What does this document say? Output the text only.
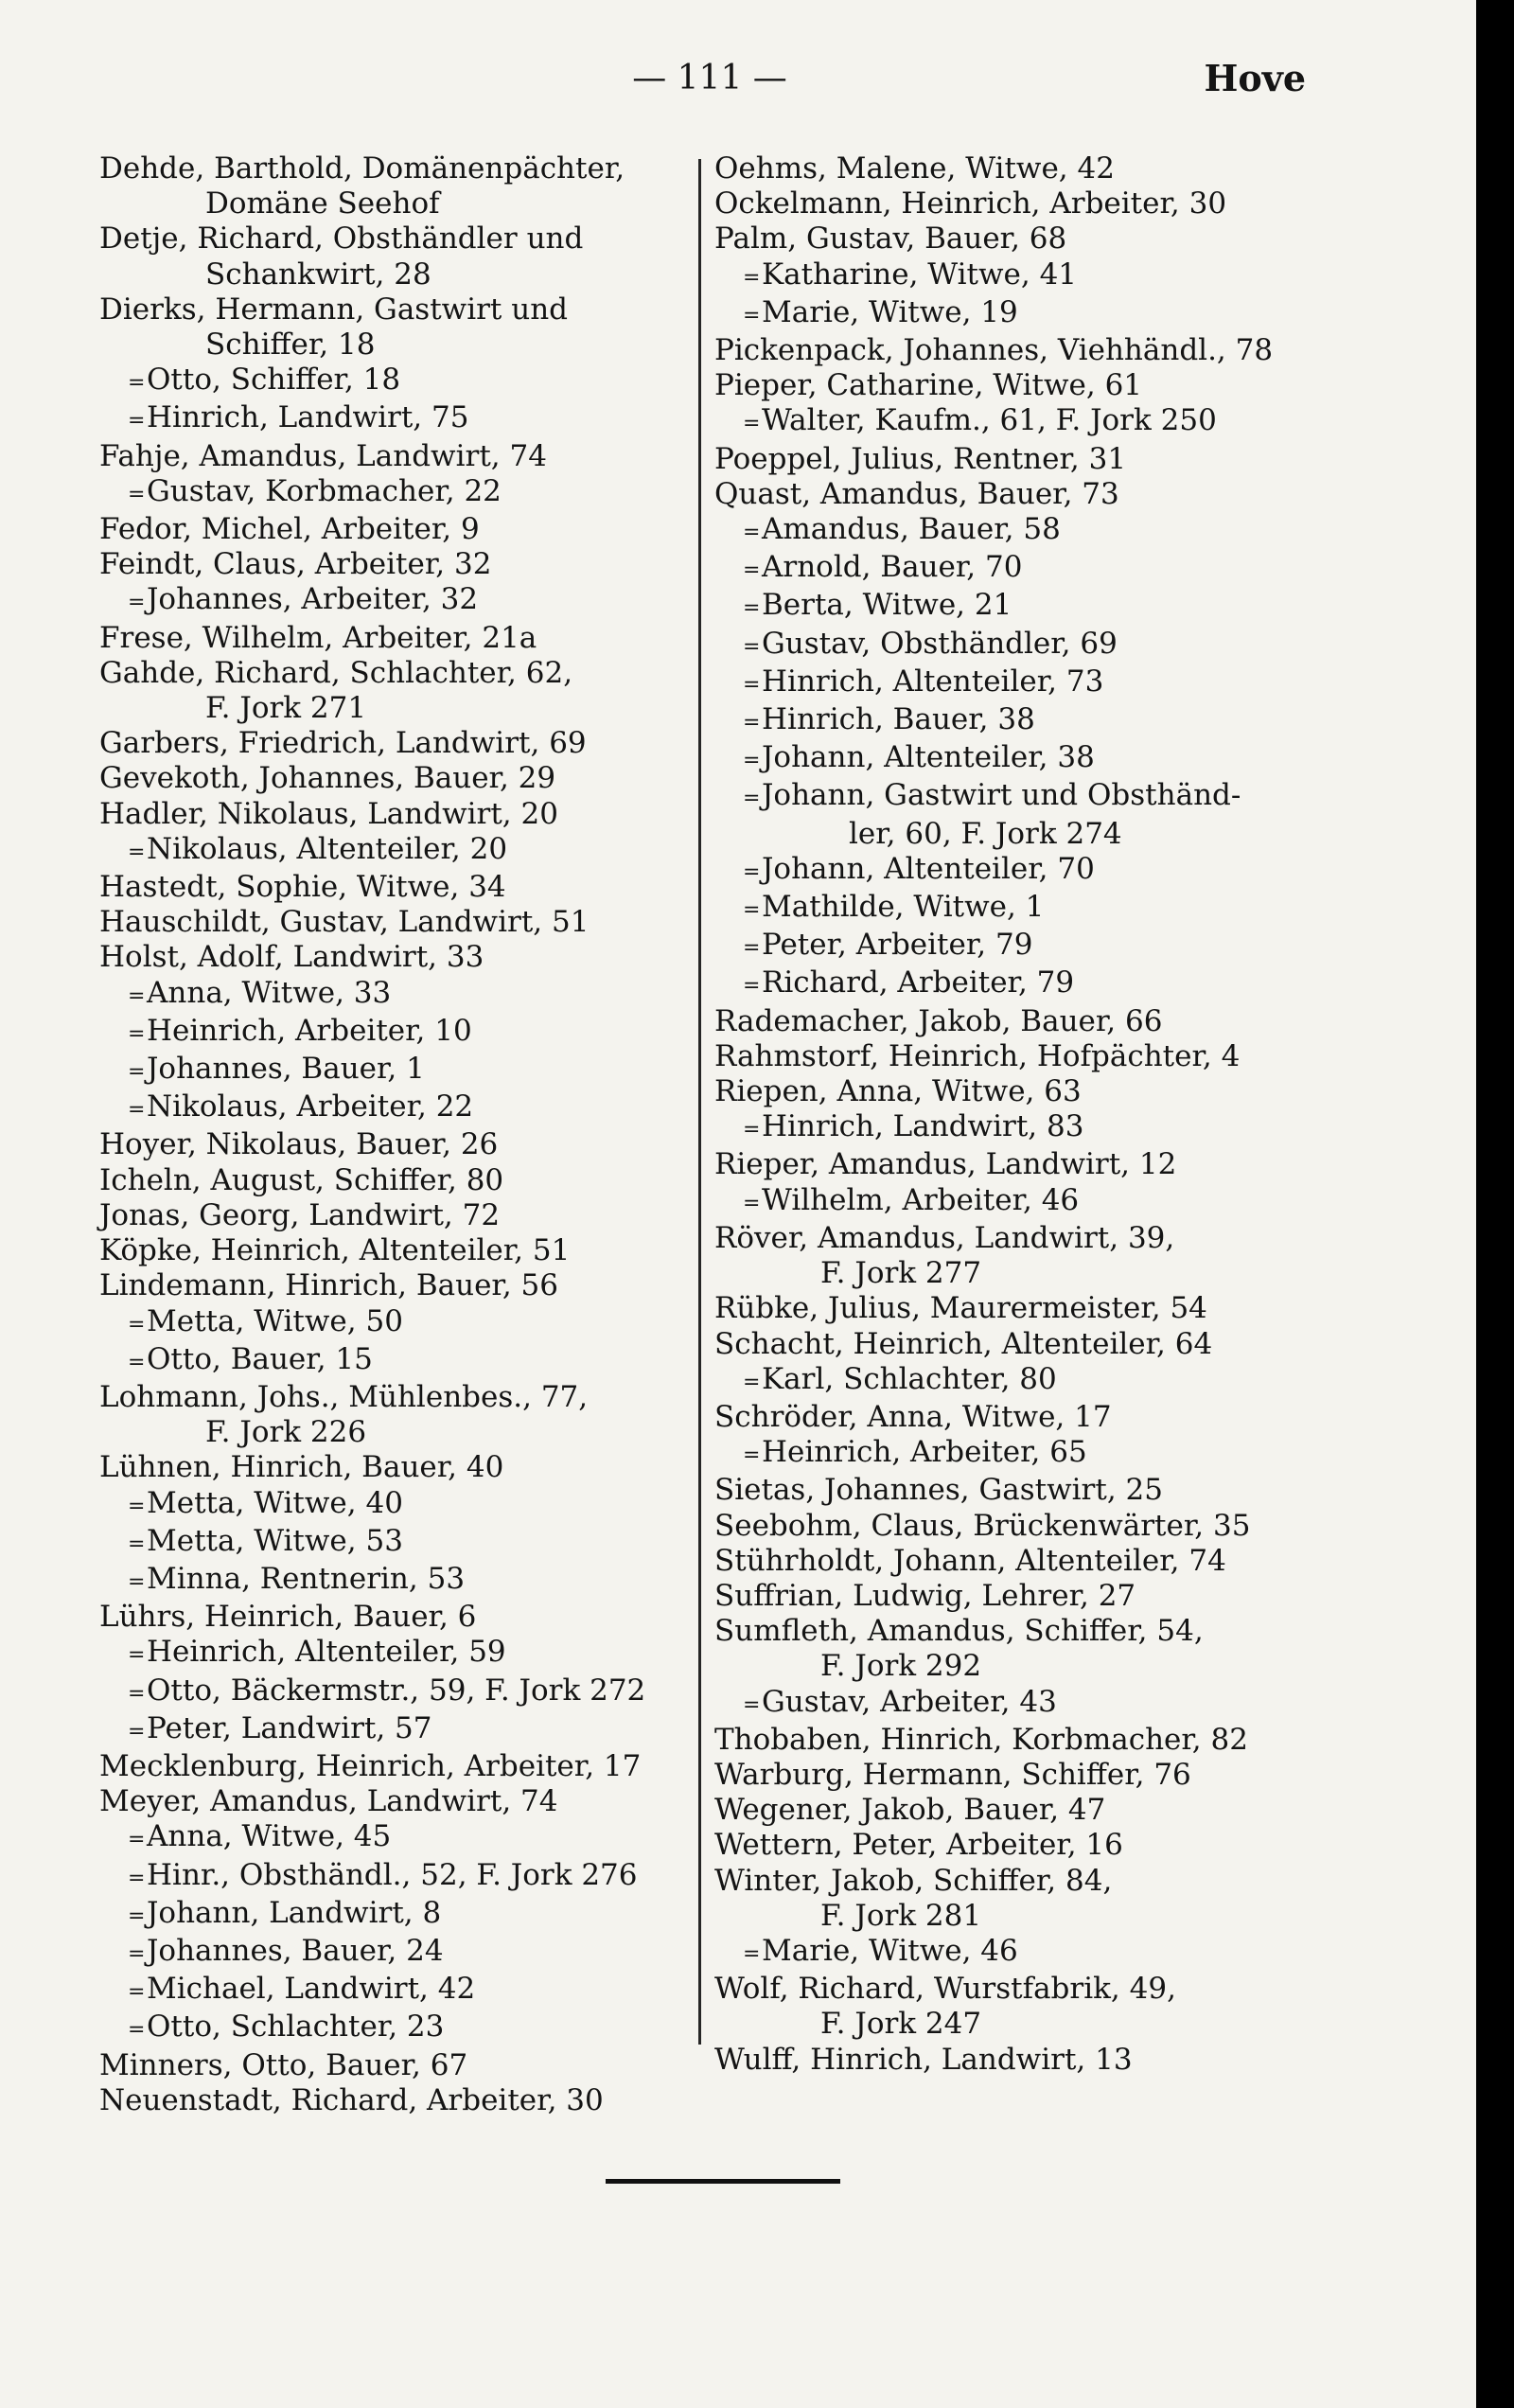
— 111 —	Hove
Dehde, Barthold, Domänenpächter,
Domäne Seehof
Detje, Richard, Obsthändler und
Schankwirt, 28
Dierks, Hermann, Gastwirt und
Schiffer, 18
=Otto, Schiffer, 18
=Hinrich, Landwirt, 75
Fahje, Amandus, Landwirt, 74
=Gustav, Korbmacher, 22
Fedor, Michel, Arbeiter, 9
Feindt, Claus, Arbeiter, 32
=Johannes, Arbeiter, 32
Frese, Wilhelm, Arbeiter, 21a
Gahde, Richard, Schlachter, 62,
F. Jork 271
Garbers, Friedrich, Landwirt, 69
Gevekoth, Johannes, Bauer, 29
Hadler, Nikolaus, Landwirt, 20
=Nikolaus, Altenteiler, 20
Hastedt, Sophie, Witwe, 34
Hauschildt, Gustav, Landwirt, 51
Holst, Adolf, Landwirt, 33
=Anna, Witwe, 33
=Heinrich, Arbeiter, 10
=Johannes, Bauer, 1
=Nikolaus, Arbeiter, 22
Hoyer, Nikolaus, Bauer, 26
Icheln, August, Schiffer, 80
Jonas, Georg, Landwirt, 72
Köpke, Heinrich, Altenteiler, 51
Lindemann, Hinrich, Bauer, 56
=Metta, Witwe, 50
=Otto, Bauer, 15
Lohmann, Johs., Mühlenbes., 77,
F. Jork 226
Lühnen, Hinrich, Bauer, 40
=Metta, Witwe, 40
=Metta, Witwe, 53
=Minna, Rentnerin, 53
Lührs, Heinrich, Bauer, 6
=Heinrich, Altenteiler, 59
=Otto, Bäckermstr., 59, F. Jork 272
=Peter, Landwirt, 57
Mecklenburg, Heinrich, Arbeiter, 17
Meyer, Amandus, Landwirt, 74
=Anna, Witwe, 45
=Hinr., Obsthändl., 52, F. Jork 276
=Johann, Landwirt, 8
=Johannes, Bauer, 24
=Michael, Landwirt, 42
=Otto, Schlachter, 23
Minners, Otto, Bauer, 67
Neuenstadt, Richard, Arbeiter, 30
Oehms, Malene, Witwe, 42
Ockelmann, Heinrich, Arbeiter, 30
Palm, Gustav, Bauer, 68
=Katharine, Witwe, 41
=Marie, Witwe, 19
Pickenpack, Johannes, Viehhändl., 78
Pieper, Catharine, Witwe, 61
=Walter, Kaufm., 61, F. Jork 250
Poeppel, Julius, Rentner, 31
Quast, Amandus, Bauer, 73
=Amandus, Bauer, 58
=Arnold, Bauer, 70
=Berta, Witwe, 21
=Gustav, Obsthändler, 69
=Hinrich, Altenteiler, 73
=Hinrich, Bauer, 38
=Johann, Altenteiler, 38
=Johann, Gastwirt und Obsthänd-
ler, 60, F. Jork 274
=Johann, Altenteiler, 70
=Mathilde, Witwe, 1
=Peter, Arbeiter, 79
=Richard, Arbeiter, 79
Rademacher, Jakob, Bauer, 66
Rahmstorf, Heinrich, Hofpächter, 4
Riepen, Anna, Witwe, 63
=Hinrich, Landwirt, 83
Rieper, Amandus, Landwirt, 12
=Wilhelm, Arbeiter, 46
Röver, Amandus, Landwirt, 39,
F. Jork 277
Rübke, Julius, Maurermeister, 54
Schacht, Heinrich, Altenteiler, 64
=Karl, Schlachter, 80
Schröder, Anna, Witwe, 17
=Heinrich, Arbeiter, 65
Sietas, Johannes, Gastwirt, 25
Seebohm, Claus, Brückenwärter, 35
Stührholdt, Johann, Altenteiler, 74
Suffrian, Ludwig, Lehrer, 27
Sumfleth, Amandus, Schiffer, 54,
F. Jork 292
=Gustav, Arbeiter, 43
Thobaben, Hinrich, Korbmacher, 82
Warburg, Hermann, Schiffer, 76
Wegener, Jakob, Bauer, 47
Wettern, Peter, Arbeiter, 16
Winter, Jakob, Schiffer, 84,
F. Jork 281
=Marie, Witwe, 46
Wolf, Richard, Wurstfabrik, 49,
F. Jork 247
Wulff, Hinrich, Landwirt, 13
